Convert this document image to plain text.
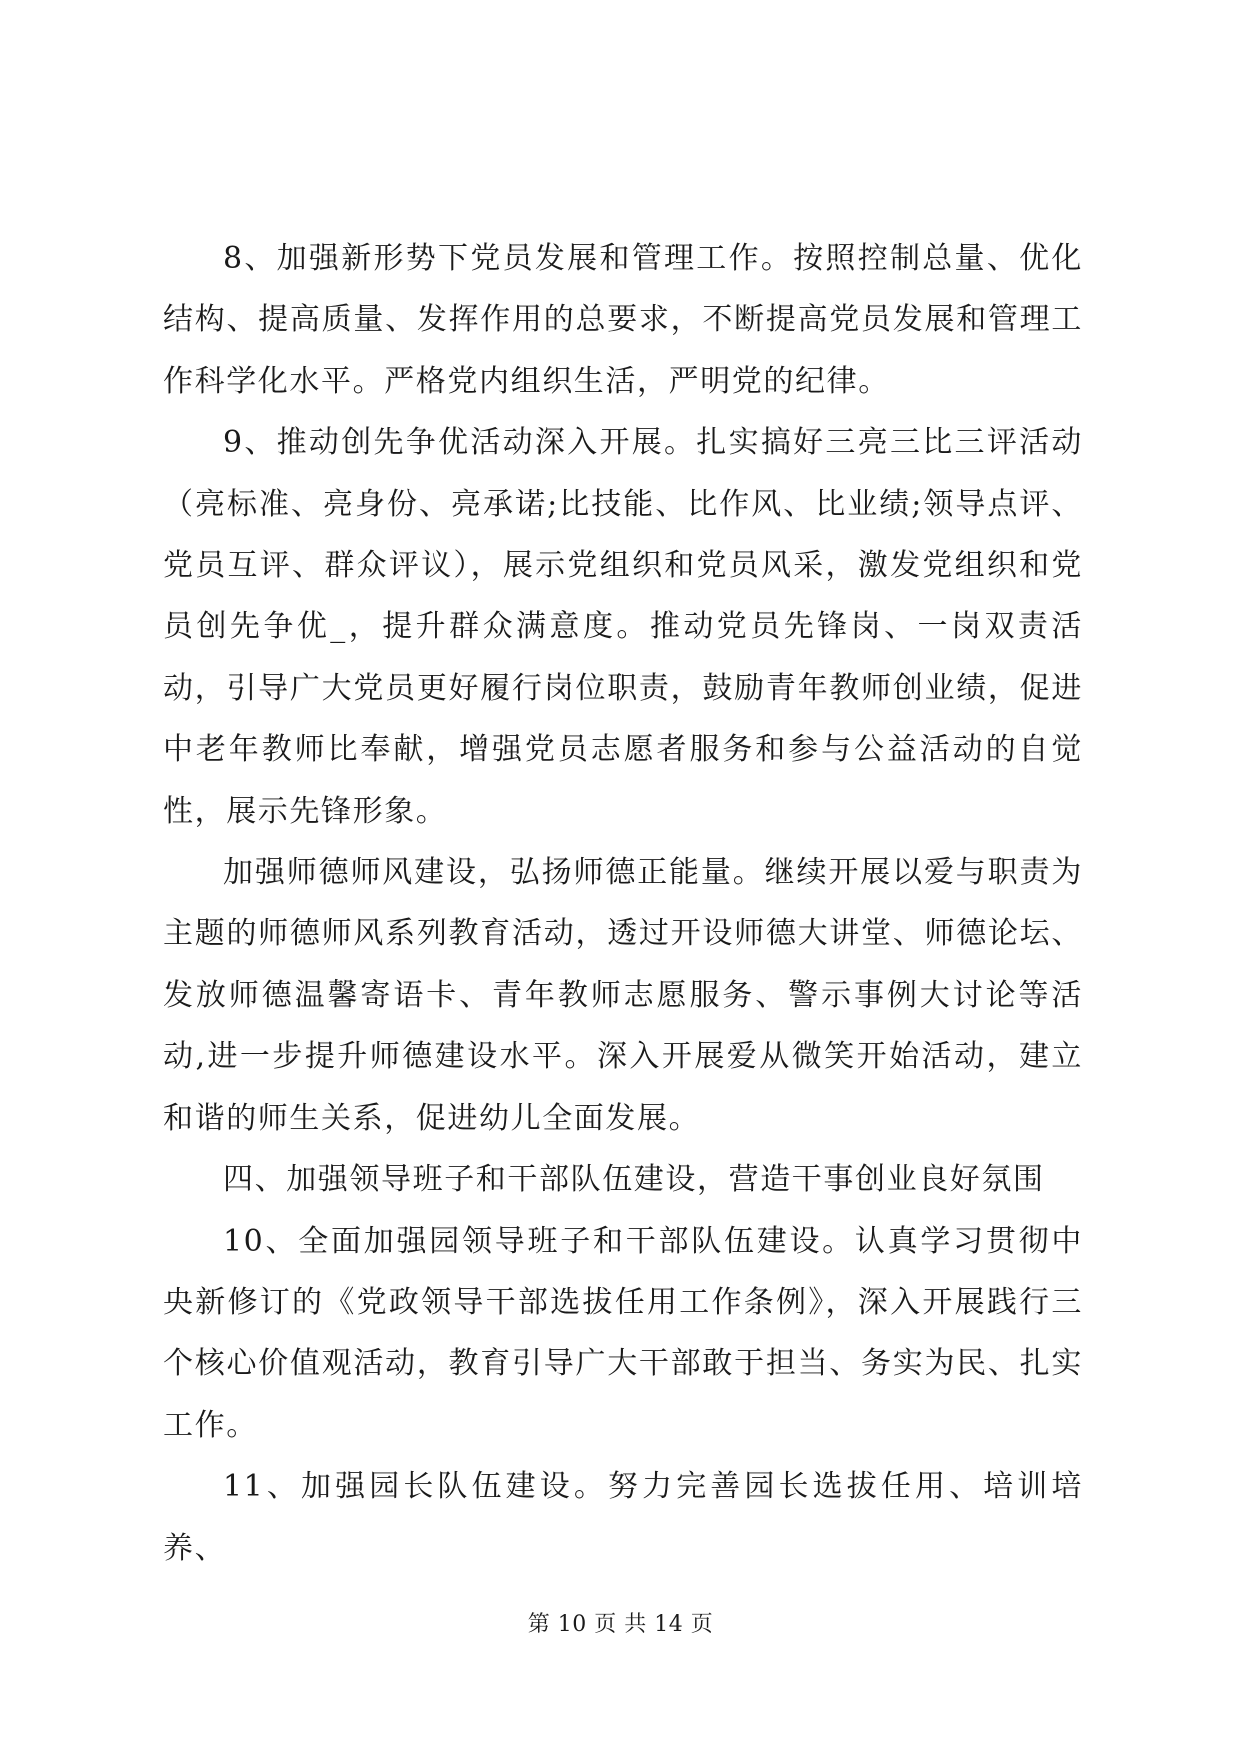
8、加强新形势下党员发展和管理工作。按照控制总量、优化结构、提高质量、发挥作用的总要求，不断提高党员发展和管理工作科学化水平。严格党内组织生活，严明党的纪律。

9、推动创先争优活动深入开展。扎实搞好三亮三比三评活动（亮标准、亮身份、亮承诺;比技能、比作风、比业绩;领导点评、党员互评、群众评议），展示党组织和党员风采，激发党组织和党员创先争优_，提升群众满意度。推动党员先锋岗、一岗双责活动，引导广大党员更好履行岗位职责，鼓励青年教师创业绩，促进中老年教师比奉献，增强党员志愿者服务和参与公益活动的自觉性，展示先锋形象。

加强师德师风建设，弘扬师德正能量。继续开展以爱与职责为主题的师德师风系列教育活动，透过开设师德大讲堂、师德论坛、发放师德温馨寄语卡、青年教师志愿服务、警示事例大讨论等活动,进一步提升师德建设水平。深入开展爱从微笑开始活动，建立和谐的师生关系，促进幼儿全面发展。

四、加强领导班子和干部队伍建设，营造干事创业良好氛围

10、全面加强园领导班子和干部队伍建设。认真学习贯彻中央新修订的《党政领导干部选拔任用工作条例》，深入开展践行三个核心价值观活动，教育引导广大干部敢于担当、务实为民、扎实工作。

11、加强园长队伍建设。努力完善园长选拔任用、培训培养、

第 10 页 共 14 页
